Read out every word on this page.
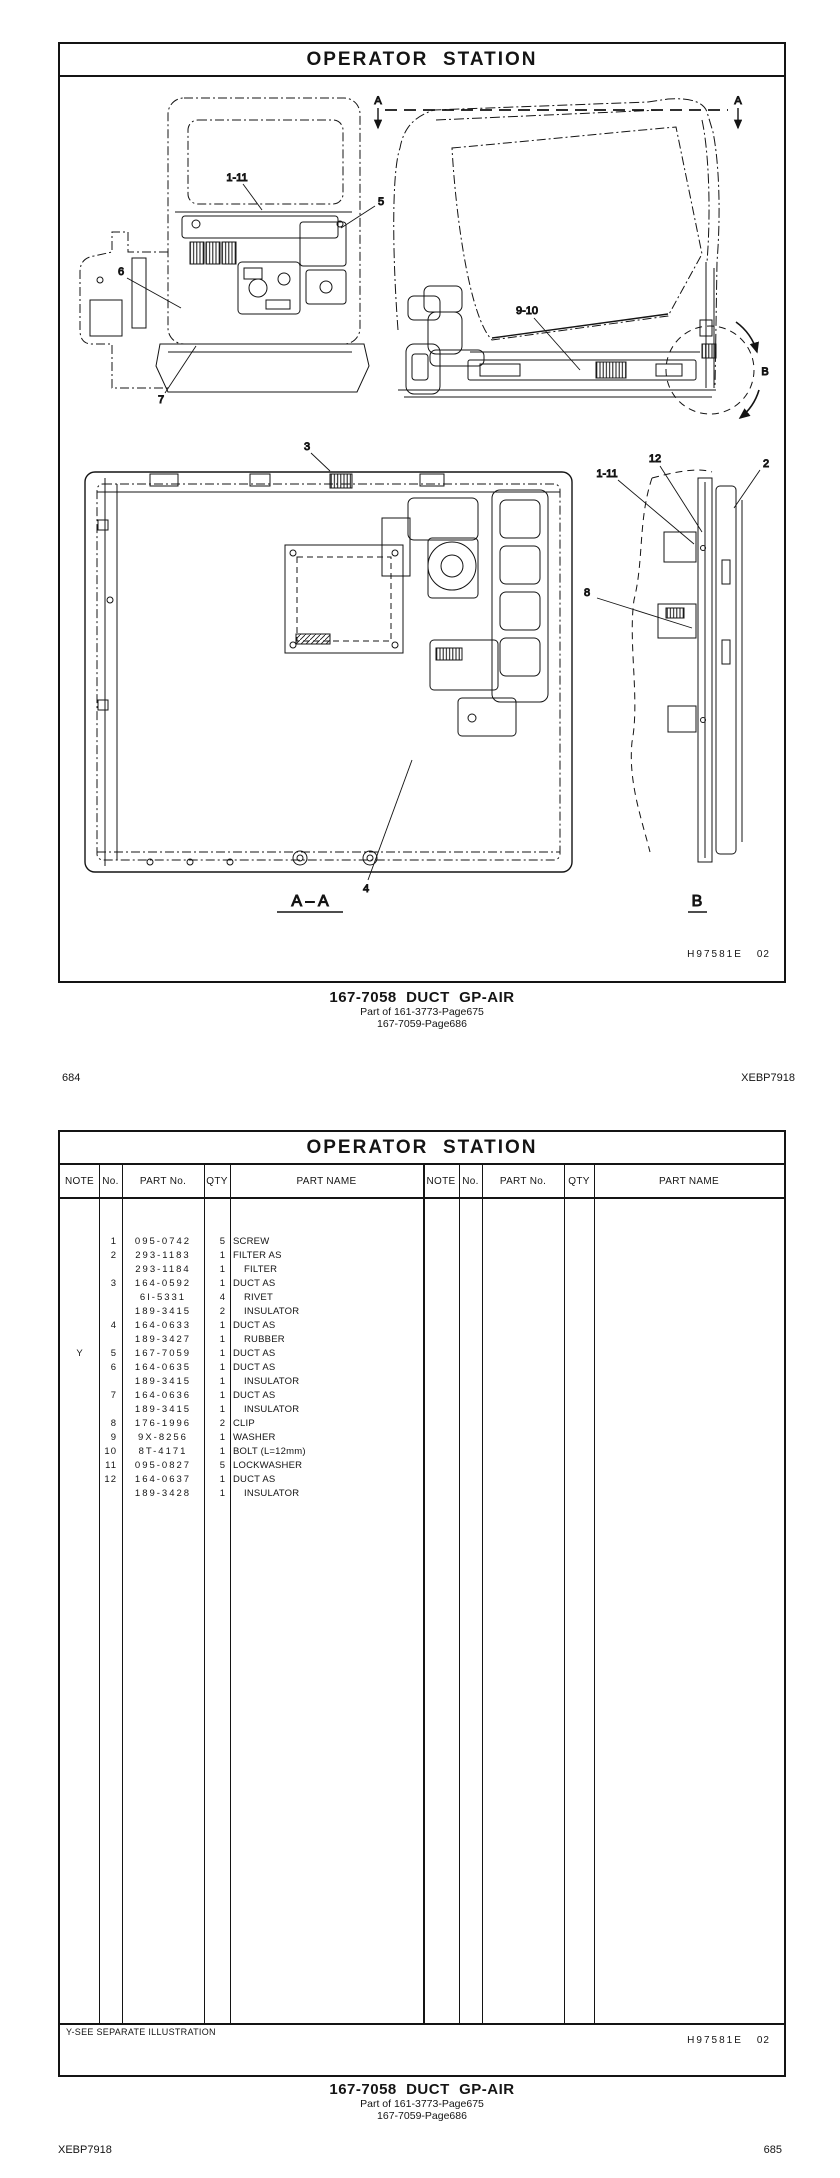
OPERATOR  STATION
A	A
1-11
5
6
7
9-10
B
3
4
A – A
1-11
12	2
8
B

H97581E 02

167-7058  DUCT  GP-AIR
Part of 161-3773-Page675
167-7059-Page686
684	XEBP7918
OPERATOR  STATION
NOTE No.	PART No.	QTY	PART NAME	NOTE No.	PART No.	QTY	PART NAME
1	095-0742	5 SCREW
2	293-1183	1 FILTER AS
293-1184	1	FILTER
3	164-0592	1 DUCT AS
6I-5331	4	RIVET
189-3415	2	INSULATOR
4	164-0633	1 DUCT AS
189-3427	1	RUBBER
Y	5	167-7059	1 DUCT AS
6	164-0635	1 DUCT AS
189-3415	1	INSULATOR
7	164-0636	1 DUCT AS
189-3415	1	INSULATOR
8	176-1996	2 CLIP
9	9X-8256	1 WASHER
10	8T-4171	1 BOLT (L=12mm)
11	095-0827	5 LOCKWASHER
12	164-0637	1 DUCT AS
189-3428	1	INSULATOR
Y-SEE SEPARATE ILLUSTRATION

H97581E 02

167-7058  DUCT  GP-AIR
Part of 161-3773-Page675
167-7059-Page686
XEBP7918	685
